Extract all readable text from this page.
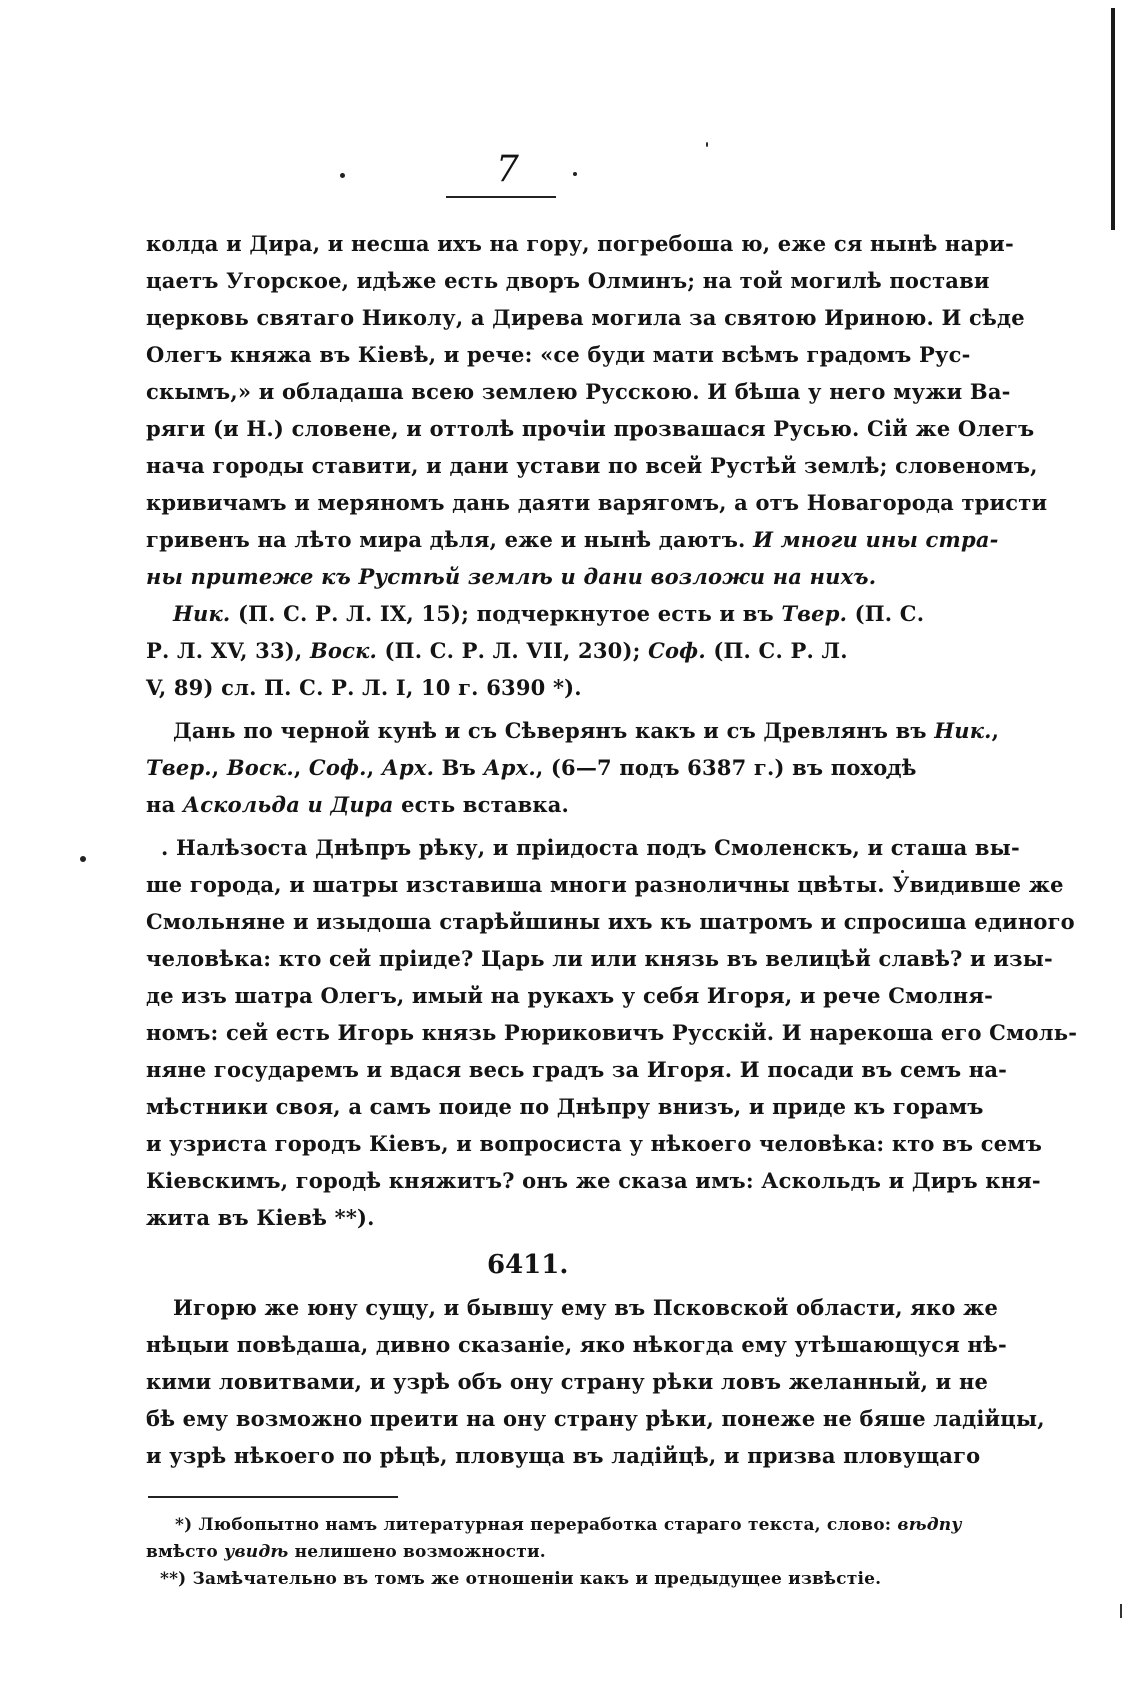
7
колда и Дира, и несша ихъ на гору, погребоша ю, еже ся нынѣ нари-
цаетъ Угорское, идѣже есть дворъ Олминъ; на той могилѣ постави
церковь святаго Николу, а Дирева могила за святою Ириною. И сѣде
Олегъ княжа въ Кіевѣ, и рече: «се буди мати всѣмъ градомъ Рус-
скымъ,» и обладаша всею землею Русскою. И бѣша у него мужи Ва-
ряги (и Н.) словене, и оттолѣ прочіи прозвашася Русью. Сій же Олегъ
нача городы ставити, и дани устави по всей Рустѣй землѣ; словеномъ,
кривичамъ и меряномъ дань даяти варягомъ, а отъ Новагорода тристи
гривенъ на лѣто мира дѣля, еже и нынѣ даютъ. И многи ины стра-
ны притеже къ Рустѣй землѣ и дани возложи на нихъ.
Ник. (П. С. Р. Л. IX, 15); подчеркнутое есть и въ Твер. (П. С.
Р. Л. XV, 33), Воск. (П. С. Р. Л. VII, 230); Соф. (П. С. Р. Л.
V, 89) сл. П. С. Р. Л. I, 10 г. 6390 *).
Дань по черной кунѣ и съ Сѣверянъ какъ и съ Древлянъ въ Ник.,
Твер., Воск., Соф., Арх. Въ Арх., (6—7 подъ 6387 г.) въ походѣ
на Аскольда и Дира есть вставка.
. Налѣзоста Днѣпръ рѣку, и пріидоста подъ Смоленскъ, и сташа вы-
ше города, и шатры изставиша многи разноличны цвѣты. Увидивше же
Смольняне и изыдоша старѣйшины ихъ къ шатромъ и спросиша единого
человѣка: кто сей пріиде? Царь ли или князь въ велицѣй славѣ? и изы-
де изъ шатра Олегъ, имый на рукахъ у себя Игоря, и рече Смолня-
номъ: сей есть Игорь князь Рюриковичъ Русскій. И нарекоша его Смоль-
няне государемъ и вдася весь градъ за Игоря. И посади въ семъ на-
мѣстники своя, а самъ поиде по Днѣпру внизъ, и приде къ горамъ
и узриста городъ Кіевъ, и вопросиста у нѣкоего человѣка: кто въ семъ
Кіевскимъ, городѣ княжитъ? онъ же сказа имъ: Аскольдъ и Диръ кня-
жита въ Кіевѣ **).
6411.
Игорю же юну сущу, и бывшу ему въ Псковской области, яко же
нѣцыи повѣдаша, дивно сказаніе, яко нѣкогда ему утѣшающуся нѣ-
кими ловитвами, и узрѣ объ ону страну рѣки ловъ желанный, и не
бѣ ему возможно преити на ону страну рѣки, понеже не бяше ладійцы,
и узрѣ нѣкоего по рѣцѣ, пловуща въ ладійцѣ, и призва пловущаго
*) Любопытно намъ литературная переработка стараго текста, слово: вѣдпу
вмѣсто увидѣ нелишено возможности.
**) Замѣчательно въ томъ же отношеніи какъ и предыдущее извѣстіе.
